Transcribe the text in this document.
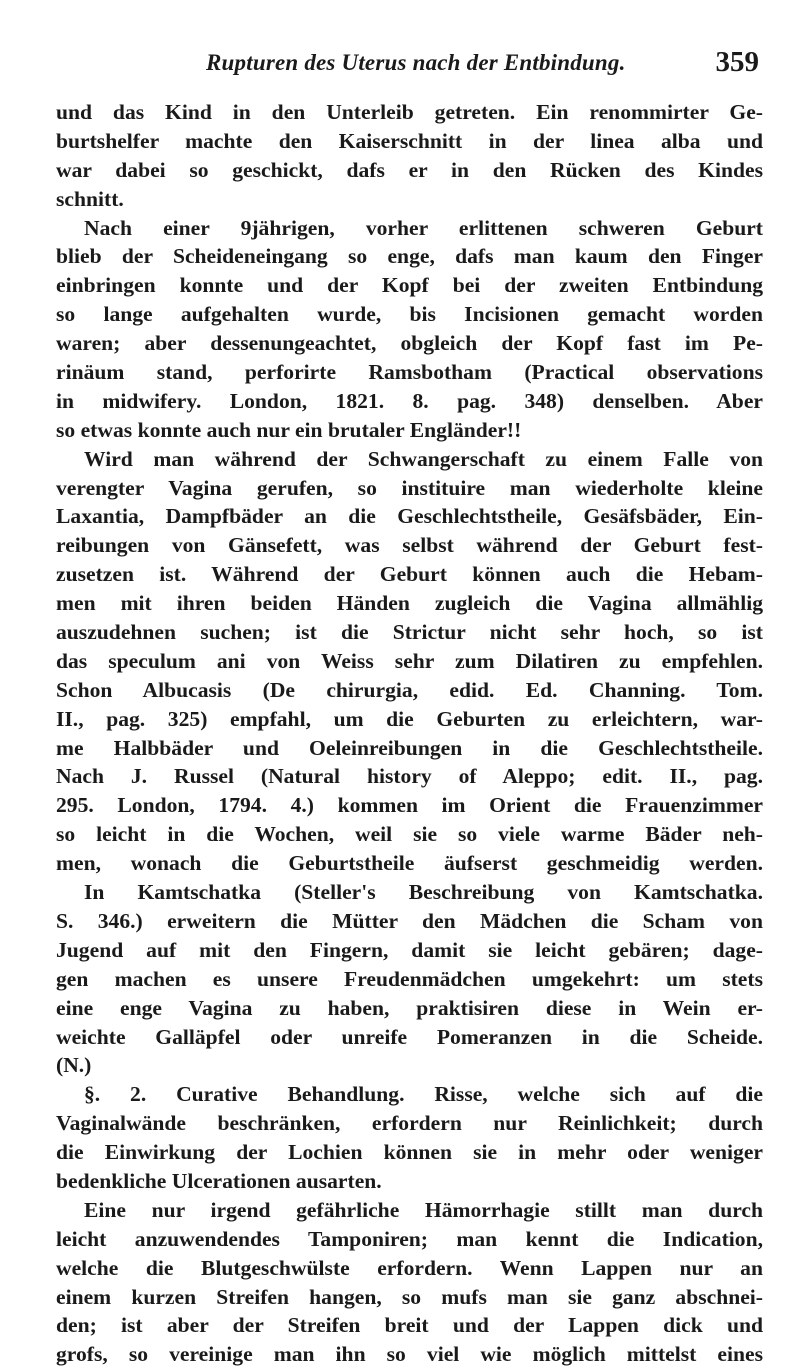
Rupturen des Uterus nach der Entbindung.	359
und das Kind in den Unterleib getreten. Ein renommirter Ge-
burtshelfer machte den Kaiserschnitt in der linea alba und
war dabei so geschickt, dafs er in den Rücken des Kindes
schnitt.
Nach einer 9jährigen, vorher erlittenen schweren Geburt
blieb der Scheideneingang so enge, dafs man kaum den Finger
einbringen konnte und der Kopf bei der zweiten Entbindung
so lange aufgehalten wurde, bis Incisionen gemacht worden
waren; aber dessenungeachtet, obgleich der Kopf fast im Pe-
rinäum stand, perforirte Ramsbotham (Practical observations
in midwifery. London, 1821. 8. pag. 348) denselben. Aber
so etwas konnte auch nur ein brutaler Engländer!!
Wird man während der Schwangerschaft zu einem Falle von
verengter Vagina gerufen, so instituire man wiederholte kleine
Laxantia, Dampfbäder an die Geschlechtstheile, Gesäfsbäder, Ein-
reibungen von Gänsefett, was selbst während der Geburt fest-
zusetzen ist. Während der Geburt können auch die Hebam-
men mit ihren beiden Händen zugleich die Vagina allmählig
auszudehnen suchen; ist die Strictur nicht sehr hoch, so ist
das speculum ani von Weiss sehr zum Dilatiren zu empfehlen.
Schon Albucasis (De chirurgia, edid. Ed. Channing. Tom.
II., pag. 325) empfahl, um die Geburten zu erleichtern, war-
me Halbbäder und Oeleinreibungen in die Geschlechtstheile.
Nach J. Russel (Natural history of Aleppo; edit. II., pag.
295. London, 1794. 4.) kommen im Orient die Frauenzimmer
so leicht in die Wochen, weil sie so viele warme Bäder neh-
men, wonach die Geburtstheile äufserst geschmeidig werden.
In Kamtschatka (Steller's Beschreibung von Kamtschatka.
S. 346.) erweitern die Mütter den Mädchen die Scham von
Jugend auf mit den Fingern, damit sie leicht gebären; dage-
gen machen es unsere Freudenmädchen umgekehrt: um stets
eine enge Vagina zu haben, praktisiren diese in Wein er-
weichte Galläpfel oder unreife Pomeranzen in die Scheide.
(N.)
§. 2. Curative Behandlung. Risse, welche sich auf die
Vaginalwände beschränken, erfordern nur Reinlichkeit; durch
die Einwirkung der Lochien können sie in mehr oder weniger
bedenkliche Ulcerationen ausarten.
Eine nur irgend gefährliche Hämorrhagie stillt man durch
leicht anzuwendendes Tamponiren; man kennt die Indication,
welche die Blutgeschwülste erfordern. Wenn Lappen nur an
einem kurzen Streifen hangen, so mufs man sie ganz abschnei-
den; ist aber der Streifen breit und der Lappen dick und
grofs, so vereinige man ihn so viel wie möglich mittelst eines
